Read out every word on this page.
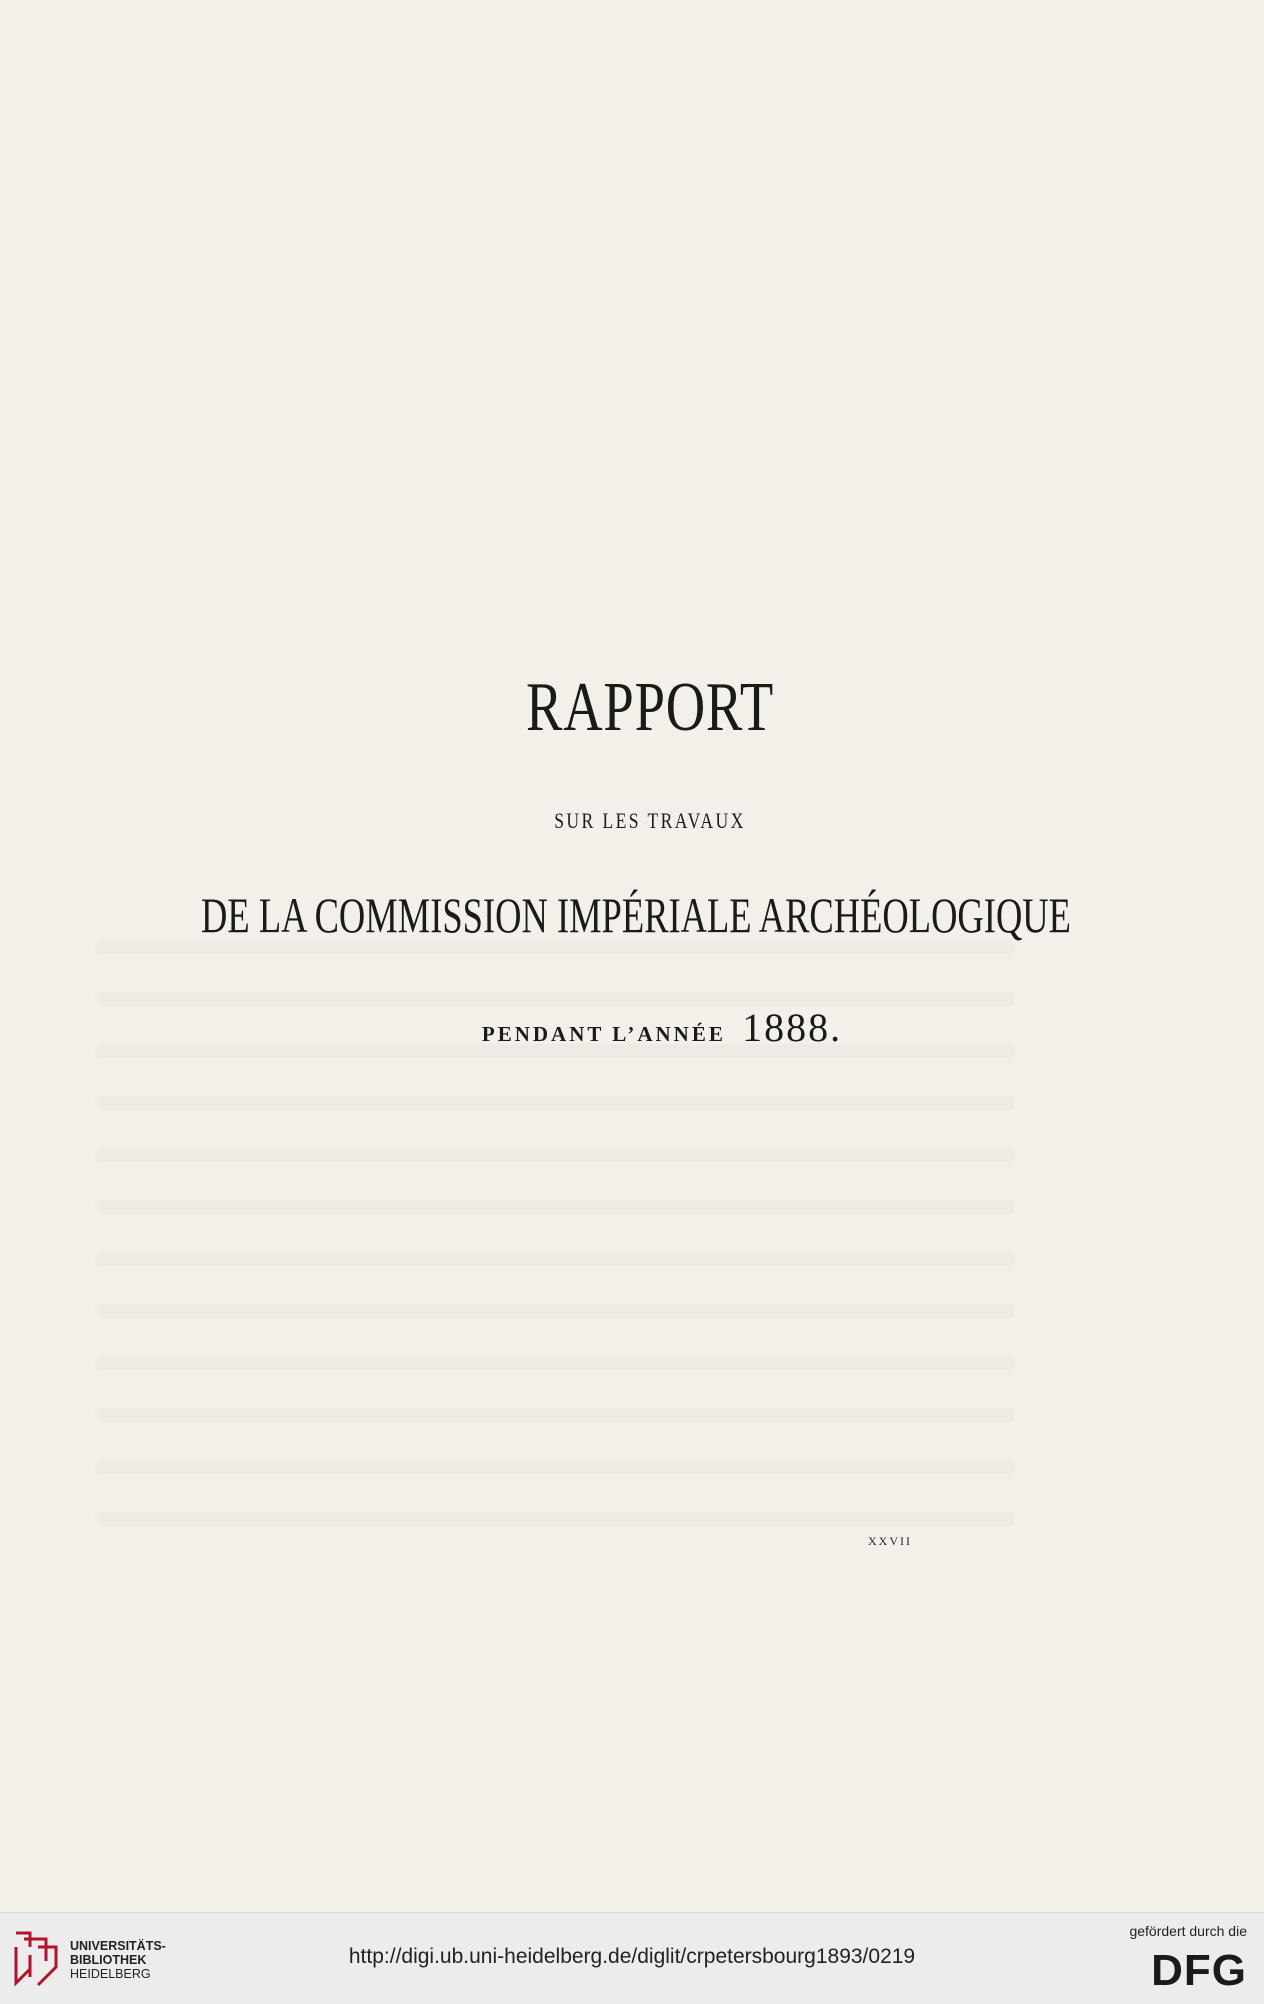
RAPPORT
SUR LES TRAVAUX
DE LA COMMISSION IMPÉRIALE ARCHÉOLOGIQUE
PENDANT L’ANNÉE 1888.
XXVII
UNIVERSITÄTS-
BIBLIOTHEK
HEIDELBERG
http://digi.ub.uni-heidelberg.de/diglit/crpetersbourg1893/0219
gefördert durch die
DFG
